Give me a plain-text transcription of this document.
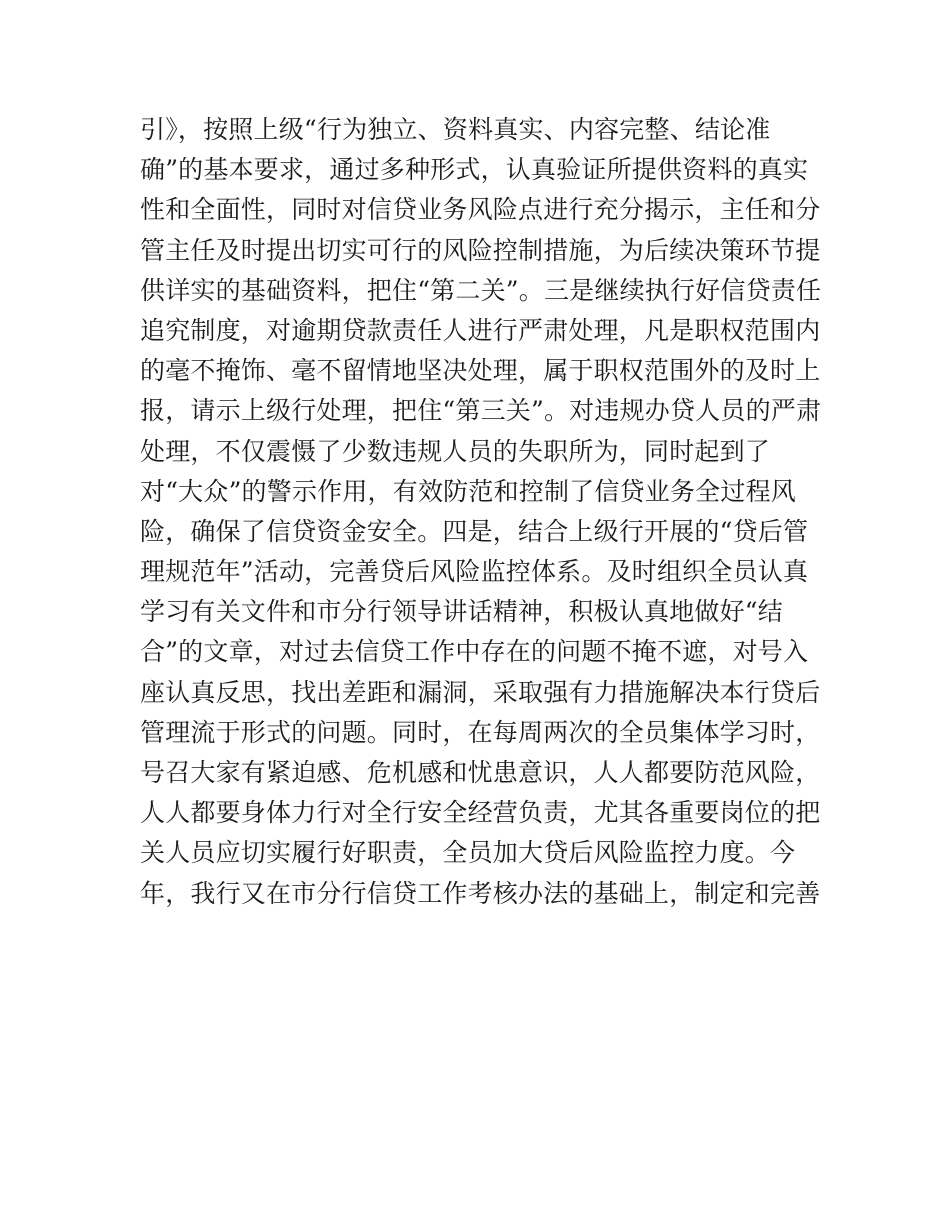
引》，按照上级“行为独立、资料真实、内容完整、结论准
确”的基本要求，通过多种形式，认真验证所提供资料的真实
性和全面性，同时对信贷业务风险点进行充分揭示，主任和分
管主任及时提出切实可行的风险控制措施，为后续决策环节提
供详实的基础资料，把住“第二关”。三是继续执行好信贷责任
追究制度，对逾期贷款责任人进行严肃处理，凡是职权范围内
的毫不掩饰、毫不留情地坚决处理，属于职权范围外的及时上
报，请示上级行处理，把住“第三关”。对违规办贷人员的严肃
处理，不仅震慑了少数违规人员的失职所为，同时起到了
对“大众”的警示作用，有效防范和控制了信贷业务全过程风
险，确保了信贷资金安全。四是，结合上级行开展的“贷后管
理规范年”活动，完善贷后风险监控体系。及时组织全员认真
学习有关文件和市分行领导讲话精神，积极认真地做好“结
合”的文章，对过去信贷工作中存在的问题不掩不遮，对号入
座认真反思，找出差距和漏洞，采取强有力措施解决本行贷后
管理流于形式的问题。同时，在每周两次的全员集体学习时，
号召大家有紧迫感、危机感和忧患意识，人人都要防范风险，
人人都要身体力行对全行安全经营负责，尤其各重要岗位的把
关人员应切实履行好职责，全员加大贷后风险监控力度。今
年，我行又在市分行信贷工作考核办法的基础上，制定和完善
